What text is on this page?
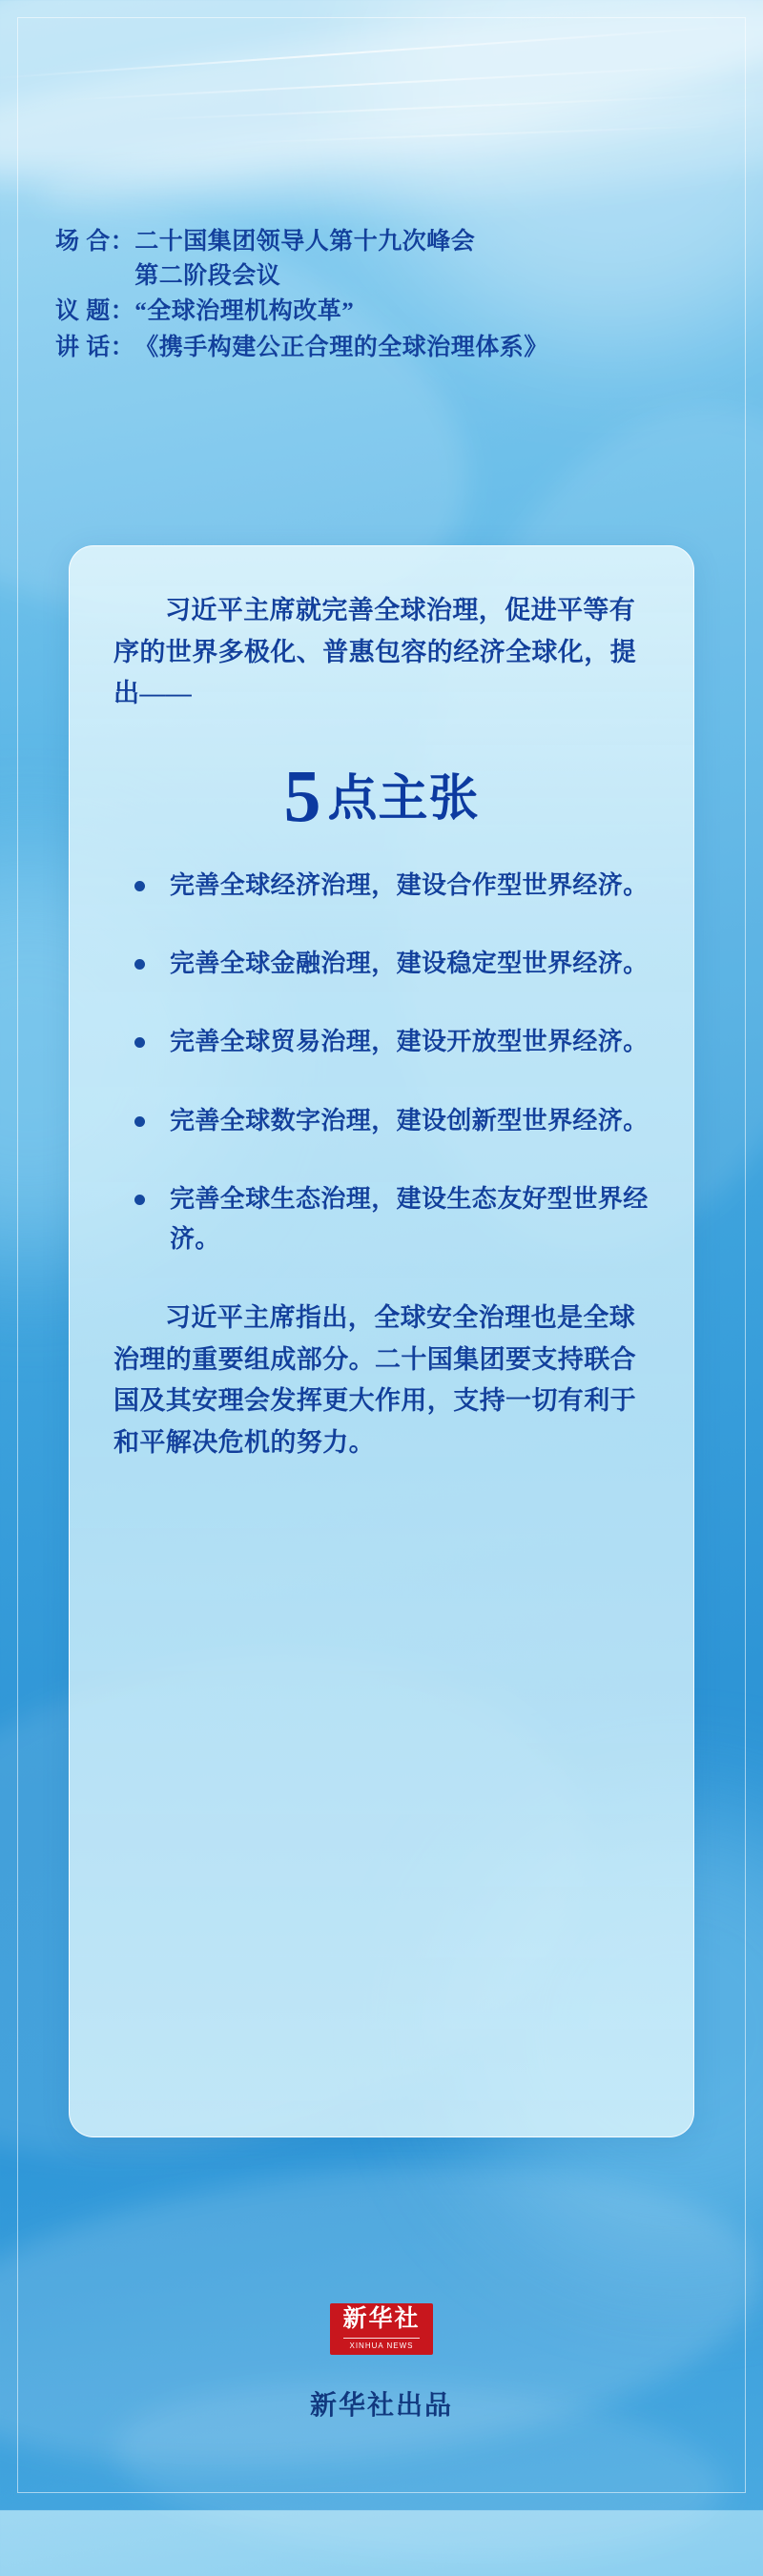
场 合： 二十国集团领导人第十九次峰会
第二阶段会议
议 题： “全球治理机构改革”
讲 话： 《携手构建公正合理的全球治理体系》

习近平主席就完善全球治理，促进平等有序的世界多极化、普惠包容的经济全球化，提出——

5 点主张
完善全球经济治理，建设合作型世界经济。
完善全球金融治理，建设稳定型世界经济。
完善全球贸易治理，建设开放型世界经济。
完善全球数字治理，建设创新型世界经济。
完善全球生态治理，建设生态友好型世界经济。

习近平主席指出，全球安全治理也是全球治理的重要组成部分。二十国集团要支持联合国及其安理会发挥更大作用，支持一切有利于和平解决危机的努力。

新华社
XINHUA NEWS
新华社出品
